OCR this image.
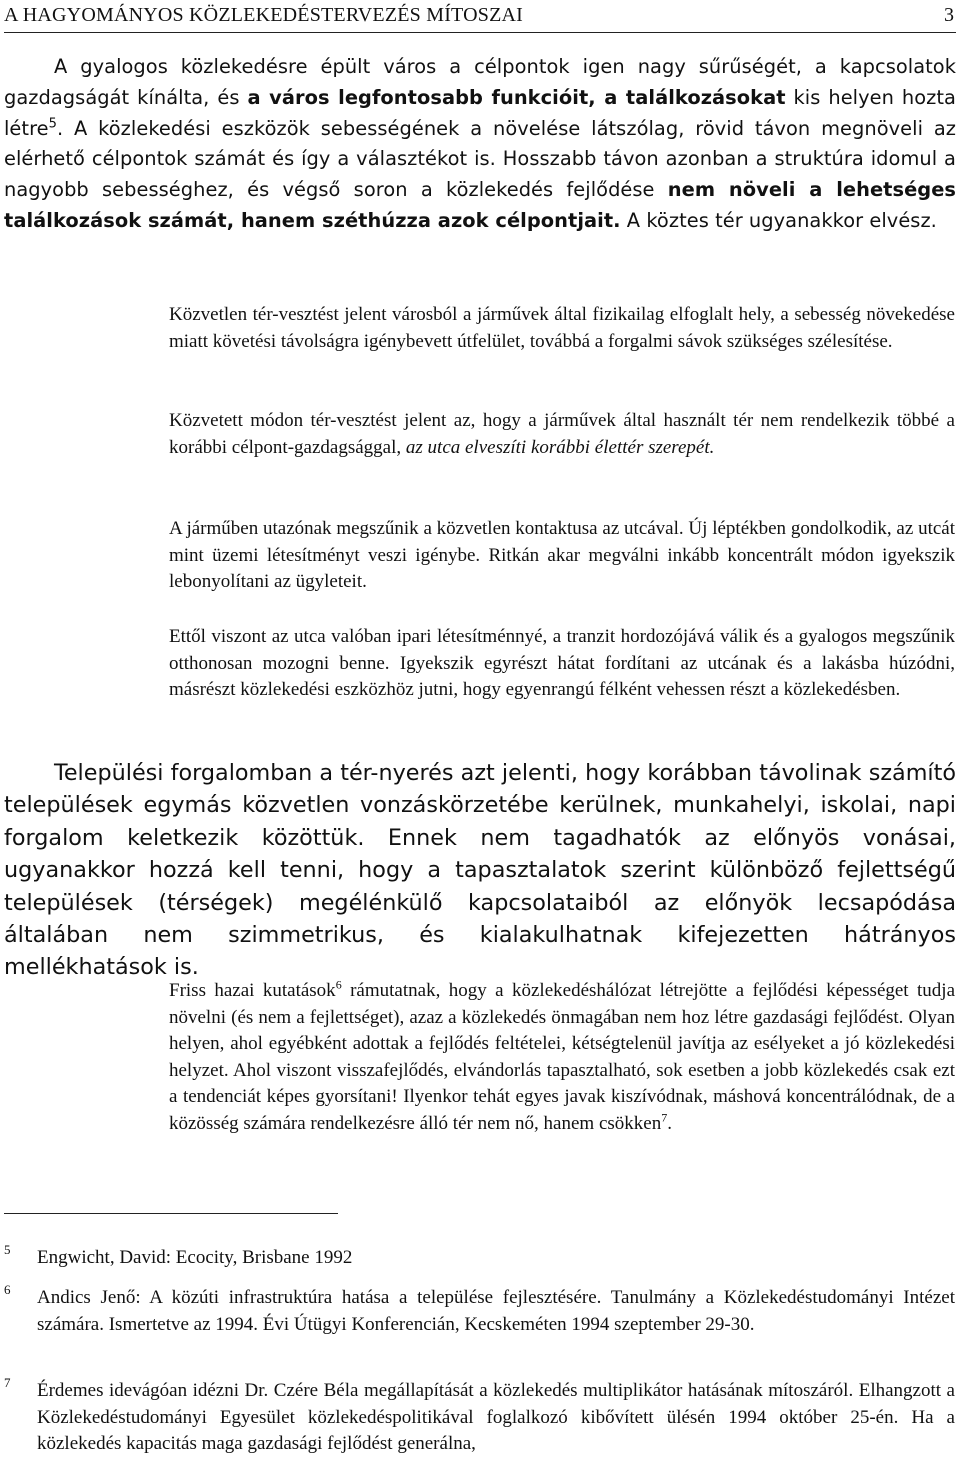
A HAGYOMÁNYOS KÖZLEKEDÉSTERVEZÉS MÍTOSZAI	3

A gyalogos közlekedésre épült város a célpontok igen nagy sűrűségét, a kapcsolatok gazdagságát kínálta, és a város legfontosabb funkcióit, a találkozásokat kis helyen hozta létre$^5$. A közlekedési eszközök sebességének a növelése látszólag, rövid távon megnöveli az elérhető célpontok számát és így a választékot is. Hosszabb távon azonban a struktúra idomul a nagyobb sebességhez, és végső soron a közlekedés fejlődése nem növeli a lehetséges találkozások számát, hanem széthúzza azok célpontjait. A köztes tér ugyanakkor elvész.

Közvetlen tér-vesztést jelent városból a járművek által fizikailag elfoglalt hely, a sebesség növekedése miatt követési távolságra igénybevett útfelület, továbbá a forgalmi sávok szükséges szélesítése.

Közvetett módon tér-vesztést jelent az, hogy a járművek által használt tér nem rendelkezik többé a korábbi célpont-gazdagsággal, az utca elveszíti korábbi élettér szerepét.

A járműben utazónak megszűnik a közvetlen kontaktusa az utcával. Új léptékben gondolkodik, az utcát mint üzemi létesítményt veszi igénybe. Ritkán akar megválni inkább koncentrált módon igyekszik lebonyolítani az ügyleteit.

Ettől viszont az utca valóban ipari létesítménnyé, a tranzit hordozójává válik és a gyalogos megszűnik otthonosan mozogni benne. Igyekszik egyrészt hátat fordítani az utcának és a lakásba húzódni, másrészt közlekedési eszközhöz jutni, hogy egyenrangú félként vehessen részt a közlekedésben.

Települési forgalomban a tér-nyerés azt jelenti, hogy korábban távolinak számító települések egymás közvetlen vonzáskörzetébe kerülnek, munkahelyi, iskolai, napi forgalom keletkezik közöttük. Ennek nem tagadhatók az előnyös vonásai, ugyanakkor hozzá kell tenni, hogy a tapasztalatok szerint különböző fejlettségű települések (térségek) megélénkülő kapcsolataiból az előnyök lecsapódása általában nem szimmetrikus, és kialakulhatnak kifejezetten hátrányos mellékhatások is.

Friss hazai kutatások$^6$ rámutatnak, hogy a közlekedéshálózat létrejötte a fejlődési képességet tudja növelni (és nem a fejlettséget), azaz a közlekedés önmagában nem hoz létre gazdasági fejlődést. Olyan helyen, ahol egyébként adottak a fejlődés feltételei, kétségtelenül javítja az esélyeket a jó közlekedési helyzet. Ahol viszont visszafejlődés, elvándorlás tapasztalható, sok esetben a jobb közlekedés csak ezt a tendenciát képes gyorsítani! Ilyenkor tehát egyes javak kiszívódnak, máshová koncentrálódnak, de a közösség számára rendelkezésre álló tér nem nő, hanem csökken$^7$.

5 Engwicht, David: Ecocity, Brisbane 1992

6 Andics Jenő: A közúti infrastruktúra hatása a települése fejlesztésére. Tanulmány a Közlekedéstudományi Intézet számára. Ismertetve az 1994. Évi Útügyi Konferencián, Kecskeméten 1994 szeptember 29-30.

7 Érdemes idevágóan idézni Dr. Czére Béla megállapítását a közlekedés multiplikátor hatásának mítoszáról. Elhangzott a Közlekedéstudományi Egyesület közlekedéspolitikával foglalkozó kibővített ülésén 1994 október 25-én. Ha a közlekedés kapacitás maga gazdasági fejlődést generálna,
